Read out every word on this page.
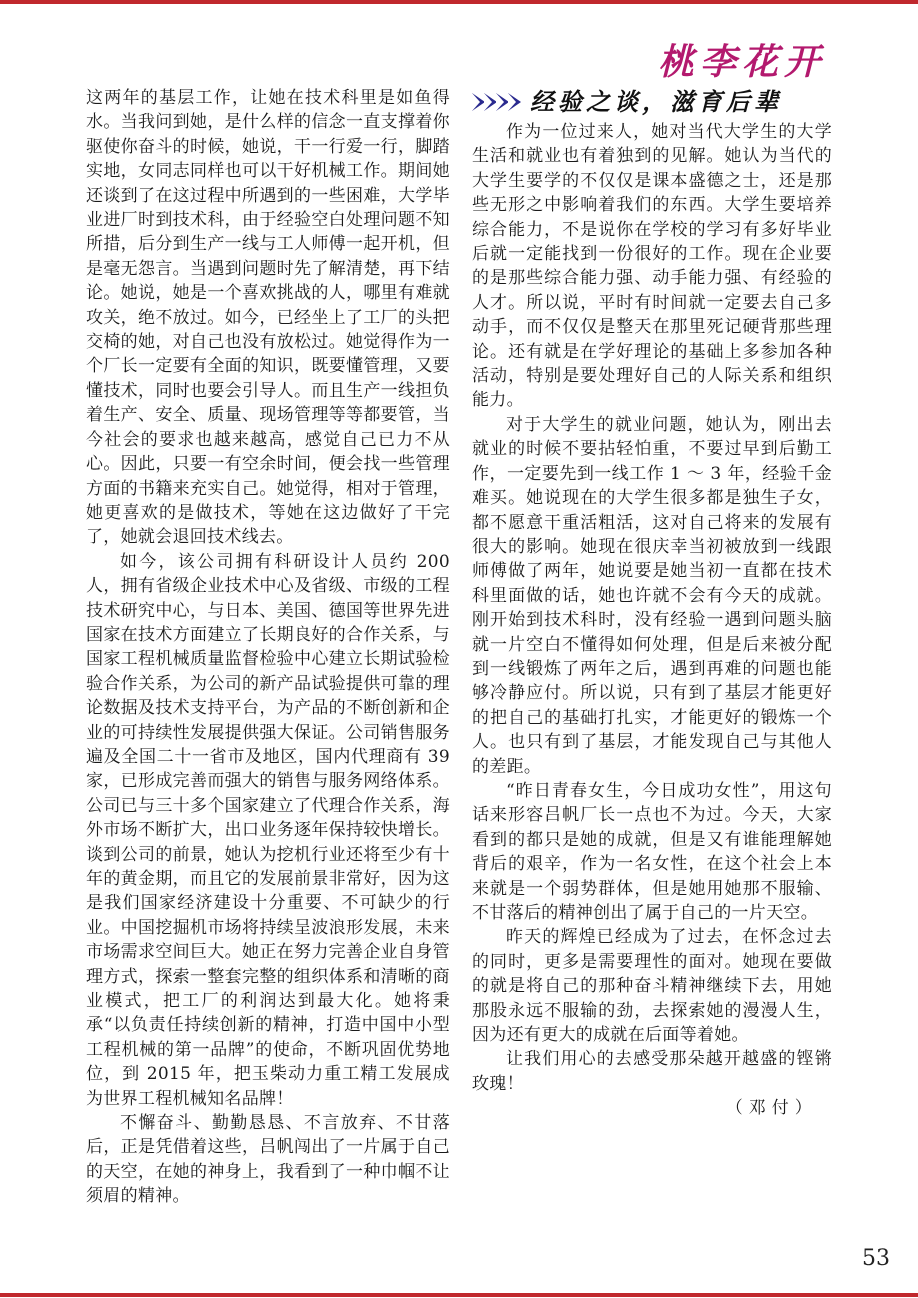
桃李花开

这两年的基层工作，让她在技术科里是如鱼得水。当我问到她，是什么样的信念一直支撑着你驱使你奋斗的时候，她说，干一行爱一行，脚踏实地，女同志同样也可以干好机械工作。期间她还谈到了在这过程中所遇到的一些困难，大学毕业进厂时到技术科，由于经验空白处理问题不知所措，后分到生产一线与工人师傅一起开机，但是毫无怨言。当遇到问题时先了解清楚，再下结论。她说，她是一个喜欢挑战的人，哪里有难就攻关，绝不放过。如今，已经坐上了工厂的头把交椅的她，对自己也没有放松过。她觉得作为一个厂长一定要有全面的知识，既要懂管理，又要懂技术，同时也要会引导人。而且生产一线担负着生产、安全、质量、现场管理等等都要管，当今社会的要求也越来越高，感觉自己已力不从心。因此，只要一有空余时间，便会找一些管理方面的书籍来充实自己。她觉得，相对于管理，她更喜欢的是做技术，等她在这边做好了干完了，她就会退回技术线去。

如今，该公司拥有科研设计人员约 200 人，拥有省级企业技术中心及省级、市级的工程技术研究中心，与日本、美国、德国等世界先进国家在技术方面建立了长期良好的合作关系，与国家工程机械质量监督检验中心建立长期试验检验合作关系，为公司的新产品试验提供可靠的理论数据及技术支持平台，为产品的不断创新和企业的可持续性发展提供强大保证。公司销售服务遍及全国二十一省市及地区，国内代理商有 39 家，已形成完善而强大的销售与服务网络体系。公司已与三十多个国家建立了代理合作关系，海外市场不断扩大，出口业务逐年保持较快增长。谈到公司的前景，她认为挖机行业还将至少有十年的黄金期，而且它的发展前景非常好，因为这是我们国家经济建设十分重要、不可缺少的行业。中国挖掘机市场将持续呈波浪形发展，未来市场需求空间巨大。她正在努力完善企业自身管理方式，探索一整套完整的组织体系和清晰的商业模式，把工厂的利润达到最大化。她将秉承“以负责任持续创新的精神，打造中国中小型工程机械的第一品牌”的使命，不断巩固优势地位，到 2015 年，把玉柴动力重工精工发展成为世界工程机械知名品牌！

不懈奋斗、勤勤恳恳、不言放弃、不甘落后，正是凭借着这些，吕帆闯出了一片属于自己的天空，在她的神身上，我看到了一种巾帼不让须眉的精神。

经验之谈，滋育后辈

作为一位过来人，她对当代大学生的大学生活和就业也有着独到的见解。她认为当代的大学生要学的不仅仅是课本盛德之士，还是那些无形之中影响着我们的东西。大学生要培养综合能力，不是说你在学校的学习有多好毕业后就一定能找到一份很好的工作。现在企业要的是那些综合能力强、动手能力强、有经验的人才。所以说，平时有时间就一定要去自己多动手，而不仅仅是整天在那里死记硬背那些理论。还有就是在学好理论的基础上多参加各种活动，特别是要处理好自己的人际关系和组织能力。

对于大学生的就业问题，她认为，刚出去就业的时候不要拈轻怕重，不要过早到后勤工作，一定要先到一线工作 1 ～ 3 年，经验千金难买。她说现在的大学生很多都是独生子女，都不愿意干重活粗活，这对自己将来的发展有很大的影响。她现在很庆幸当初被放到一线跟师傅做了两年，她说要是她当初一直都在技术科里面做的话，她也许就不会有今天的成就。刚开始到技术科时，没有经验一遇到问题头脑就一片空白不懂得如何处理，但是后来被分配到一线锻炼了两年之后，遇到再难的问题也能够冷静应付。所以说，只有到了基层才能更好的把自己的基础打扎实，才能更好的锻炼一个人。也只有到了基层，才能发现自己与其他人的差距。

“昨日青春女生，今日成功女性”，用这句话来形容吕帆厂长一点也不为过。今天，大家看到的都只是她的成就，但是又有谁能理解她背后的艰辛，作为一名女性，在这个社会上本来就是一个弱势群体，但是她用她那不服输、不甘落后的精神创出了属于自己的一片天空。

昨天的辉煌已经成为了过去，在怀念过去的同时，更多是需要理性的面对。她现在要做的就是将自己的那种奋斗精神继续下去，用她那股永远不服输的劲，去探索她的漫漫人生，因为还有更大的成就在后面等着她。

让我们用心的去感受那朵越开越盛的铿锵玫瑰！

（ 邓 付 ）

53
